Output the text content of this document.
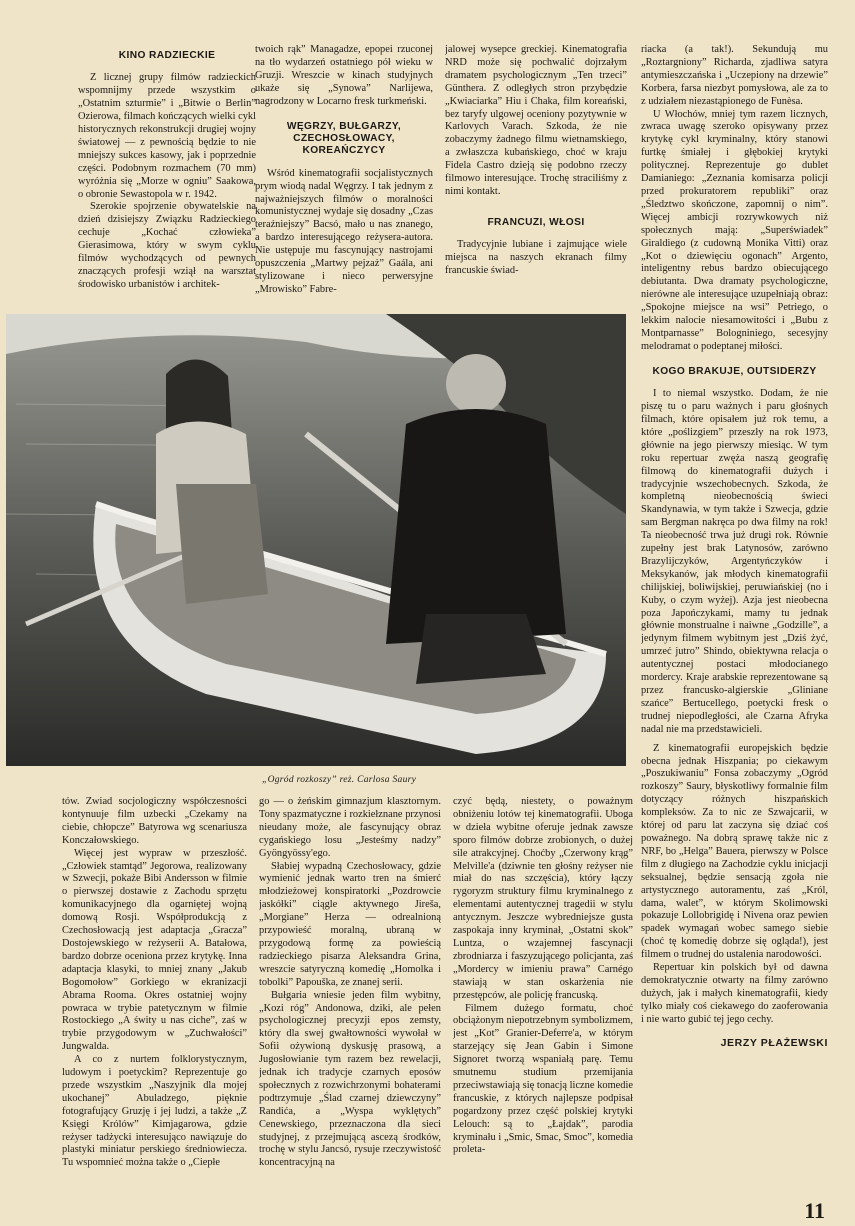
KINO RADZIECKIE

Z licznej grupy filmów radzieckich wspomnijmy przede wszystkim o „Ostatnim szturmie” i „Bitwie o Berlin” Ozierowa, filmach kończących wielki cykl historycznych rekonstrukcji drugiej wojny światowej — z pewnością będzie to nie mniejszy sukces kasowy, jak i poprzednie części. Podobnym rozmachem (70 mm) wyróżnia się „Morze w ogniu” Saakowa, o obronie Sewastopola w r. 1942.

Szerokie spojrzenie obywatelskie na dzień dzisiejszy Związku Radzieckiego cechuje „Kochać człowieka” Gierasimowa, który w swym cyklu filmów wychodzących od pewnych znaczących profesji wziął na warsztat środowisko urbanistów i architek-

twoich rąk” Managadze, epopei rzuconej na tło wydarzeń ostatniego pół wieku w Gruzji. Wreszcie w kinach studyjnych ukaże się „Synowa” Narlijewa, nagrodzony w Locarno fresk turkmeński.

WĘGRZY, BUŁGARZY, CZECHOSŁOWACY, KOREAŃCZYCY

Wśród kinematografii socjalistycznych prym wiodą nadal Węgrzy. I tak jednym z najważniejszych filmów o moralności komunistycznej wydaje się dosadny „Czas teraźniejszy” Bacsó, mało u nas znanego, a bardzo interesującego reżysera-autora. Nie ustępuje mu fascynujący nastrojami opuszczenia „Martwy pejzaż” Gaála, ani stylizowane i nieco perwersyjne „Mrowisko” Fabre-

jalowej wysepce greckiej. Kinematografia NRD może się pochwalić dojrzałym dramatem psychologicznym „Ten trzeci” Günthera. Z odległych stron przybędzie „Kwiaciarka” Hiu i Chaka, film koreański, bez taryfy ulgowej oceniony pozytywnie w Karlovych Varach. Szkoda, że nie zobaczymy żadnego filmu wietnamskiego, a zwłaszcza kubańskiego, choć w kraju Fidela Castro dzieją się podobno rzeczy filmowo interesujące. Trochę straciliśmy z nimi kontakt.

FRANCUZI, WŁOSI

Tradycyjnie lubiane i zajmujące wiele miejsca na naszych ekranach filmy francuskie świad-

riacka (a tak!). Sekundują mu „Roztargniony” Richarda, zjadliwa satyra antymieszczańska i „Uczepiony na drzewie” Korbera, farsa niezbyt pomysłowa, ale za to z udziałem niezastąpionego de Funèsa.

U Włochów, mniej tym razem licznych, zwraca uwagę szeroko opisywany przez krytykę cykl kryminalny, który stanowi furtkę śmiałej i głębokiej krytyki politycznej. Reprezentuje go dublet Damianiego: „Zeznania komisarza policji przed prokuratorem republiki” oraz „Śledztwo skończone, zapomnij o nim”. Więcej ambicji rozrywkowych niż społecznych mają: „Superświadek” Giraldiego (z cudowną Monika Vitti) oraz „Kot o dziewięciu ogonach” Argento, inteligentny rebus bardzo obiecującego debiutanta. Dwa dramaty psychologiczne, nierówne ale interesujące uzupełniają obraz: „Spokojne miejsce na wsi” Petriego, o lekkim nalocie niesamowitości i „Bubu z Montparnasse” Bologniniego, secesyjny melodramat o podeptanej miłości.

KOGO BRAKUJE, OUTSIDERZY

I to niemal wszystko. Dodam, że nie piszę tu o paru ważnych i paru głośnych filmach, które opisałem już rok temu, a które „poślizgiem” przeszły na rok 1973, głównie na jego pierwszy miesiąc. W tym roku repertuar zwęża naszą geografię filmową do kinematografii dużych i tradycyjnie wszechobecnych. Szkoda, że kompletną nieobecnością świeci Skandynawia, w tym także i Szwecja, gdzie sam Bergman nakręca po dwa filmy na rok! Ta nieobecność trwa już drugi rok. Równie zupełny jest brak Latynosów, zarówno Brazylijczyków, Argentyńczyków i Meksykanów, jak młodych kinematografii chilijskiej, boliwijskiej, peruwiańskiej (no i Kuby, o czym wyżej). Azja jest nieobecna poza Japończykami, mamy tu jednak głównie monstrualne i naiwne „Godzille”, a jedynym filmem wybitnym jest „Dziś żyć, umrzeć jutro” Shindo, obiektywna relacja o autentycznej postaci młodocianego mordercy. Kraje arabskie reprezentowane są przez francusko-algierskie „Gliniane szańce” Bertucellego, poetycki fresk o trudnej niepodległości, ale Czarna Afryka nadal nie ma przedstawicieli.

Z kinematografii europejskich będzie obecna jednak Hiszpania; po ciekawym „Poszukiwaniu” Fonsa zobaczymy „Ogród rozkoszy” Saury, błyskotliwy formalnie film dotyczący różnych hiszpańskich kompleksów. Za to nic ze Szwajcarii, w której od paru lat zaczyna się dziać coś poważnego. Na dobrą sprawę także nic z NRF, bo „Helga” Bauera, pierwszy w Polsce film z długiego na Zachodzie cyklu inicjacji seksualnej, będzie sensacją zgoła nie artystycznego autoramentu, zaś „Król, dama, walet”, w którym Skolimowski pokazuje Lollobrigidę i Nivena oraz pewien spadek wymagań wobec samego siebie (choć tę komedię dobrze się ogląda!), jest filmem o trudnej do ustalenia narodowości.

Repertuar kin polskich był od dawna demokratycznie otwarty na filmy zarówno dużych, jak i małych kinematografii, kiedy tylko miały coś ciekawego do zaoferowania i nie warto gubić tej jego cechy.

JERZY PŁAŻEWSKI
„Ogród rozkoszy” reż. Carlosa Saury

tów. Zwiad socjologiczny współczesności kontynuuje film uzbecki „Czekamy na ciebie, chłopcze” Batyrowa wg scenariusza Konczałowskiego.

Więcej jest wypraw w przeszłość. „Człowiek stamtąd” Jegorowa, realizowany w Szwecji, pokaże Bibi Andersson w filmie o pierwszej dostawie z Zachodu sprzętu komunikacyjnego dla ogarniętej wojną domową Rosji. Współprodukcją z Czechosłowacją jest adaptacja „Gracza” Dostojewskiego w reżyserii A. Batałowa, bardzo dobrze oceniona przez krytykę. Inna adaptacja klasyki, to mniej znany „Jakub Bogomołow” Gorkiego w ekranizacji Abrama Rooma. Okres ostatniej wojny powraca w trybie patetycznym w filmie Rostockiego „A świty u nas ciche”, zaś w trybie przygodowym w „Zuchwałości” Jungwalda.

A co z nurtem folklorystycznym, ludowym i poetyckim? Reprezentuje go przede wszystkim „Naszyjnik dla mojej ukochanej” Abuladzego, pięknie fotografujący Gruzję i jej ludzi, a także „Z Księgi Królów” Kimjagarowa, gdzie reżyser tadżycki interesująco nawiązuje do plastyki miniatur perskiego średniowiecza. Tu wspomnieć można także o „Ciepłe

go — o żeńskim gimnazjum klasztornym. Tony spazmatyczne i rozkiełznane przynosi nieudany może, ale fascynujący obraz cygańskiego losu „Jesteśmy nadzy” Gyöngyössy'ego.

Słabiej wypadną Czechosłowacy, gdzie wymienić jednak warto tren na śmierć młodzieżowej konspiratorki „Pozdrowcie jaskółki” ciągle aktywnego Jireša, „Morgiane” Herza — odrealnioną przypowieść moralną, ubraną w przygodową formę za powieścią radzieckiego pisarza Aleksandra Grina, wreszcie satyryczną komedię „Homolka i tobolki” Papouška, ze znanej serii.

Bułgaria wniesie jeden film wybitny, „Kozi róg” Andonowa, dziki, ale pełen psychologicznej precyzji epos zemsty, który dla swej gwałtowności wywołał w Sofii ożywioną dyskusję prasową, a Jugosłowianie tym razem bez rewelacji, jednak ich tradycje czarnych eposów społecznych z rozwichrzonymi bohaterami podtrzymuje „Ślad czarnej dziewczyny” Randića, a „Wyspa wyklętych” Cenewskiego, przeznaczona dla sieci studyjnej, z przejmującą ascezą środków, trochę w stylu Jancsó, rysuje rzeczywistość koncentracyjną na

czyć będą, niestety, o poważnym obniżeniu lotów tej kinematografii. Uboga w dzieła wybitne oferuje jednak zawsze sporo filmów dobrze zrobionych, o dużej sile atrakcyjnej. Choćby „Czerwony krąg” Melville'a (dziwnie ten głośny reżyser nie miał do nas szczęścia), który łączy rygoryzm struktury filmu kryminalnego z elementami autentycznej tragedii w stylu antycznym. Jeszcze wybredniejsze gusta zaspokaja inny kryminał, „Ostatni skok” Luntza, o wzajemnej fascynacji zbrodniarza i faszyzującego policjanta, zaś „Mordercy w imieniu prawa” Carnégo stawiają w stan oskarżenia nie przestępców, ale policję francuską.

Filmem dużego formatu, choć obciążonym niepotrzebnym symbolizmem, jest „Kot” Granier-Deferre'a, w którym starzejący się Jean Gabin i Simone Signoret tworzą wspaniałą parę. Temu smutnemu studium przemijania przeciwstawiają się tonacją liczne komedie francuskie, z których najlepsze podpisał pogardzony przez część polskiej krytyki Lelouch: są to „Łajdak”, parodia kryminału i „Smic, Smac, Smoc”, komedia proleta-

11
